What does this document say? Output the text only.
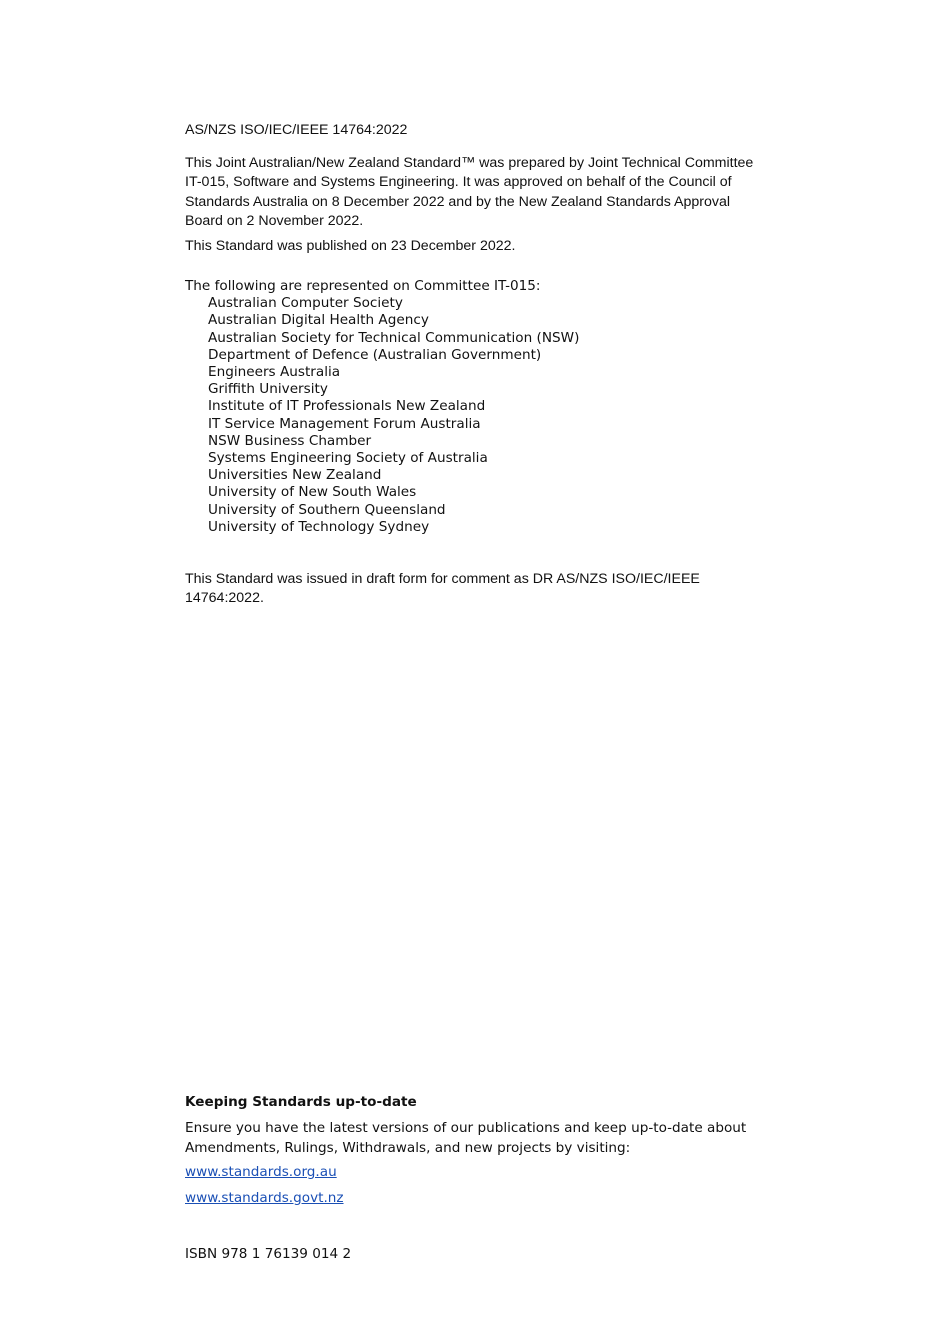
AS/NZS ISO/IEC/IEEE 14764:2022

This Joint Australian/New Zealand Standard™ was prepared by Joint Technical Committee IT-015, Software and Systems Engineering. It was approved on behalf of the Council of Standards Australia on 8 December 2022 and by the New Zealand Standards Approval Board on 2 November 2022.

This Standard was published on 23 December 2022.

The following are represented on Committee IT-015:
Australian Computer Society
Australian Digital Health Agency
Australian Society for Technical Communication (NSW)
Department of Defence (Australian Government)
Engineers Australia
Griffith University
Institute of IT Professionals New Zealand
IT Service Management Forum Australia
NSW Business Chamber
Systems Engineering Society of Australia
Universities New Zealand
University of New South Wales
University of Southern Queensland
University of Technology Sydney

This Standard was issued in draft form for comment as DR AS/NZS ISO/IEC/IEEE 14764:2022.

Keeping Standards up-to-date

Ensure you have the latest versions of our publications and keep up-to-date about Amendments, Rulings, Withdrawals, and new projects by visiting:

www.standards.org.au
www.standards.govt.nz
ISBN 978 1 76139 014 2
